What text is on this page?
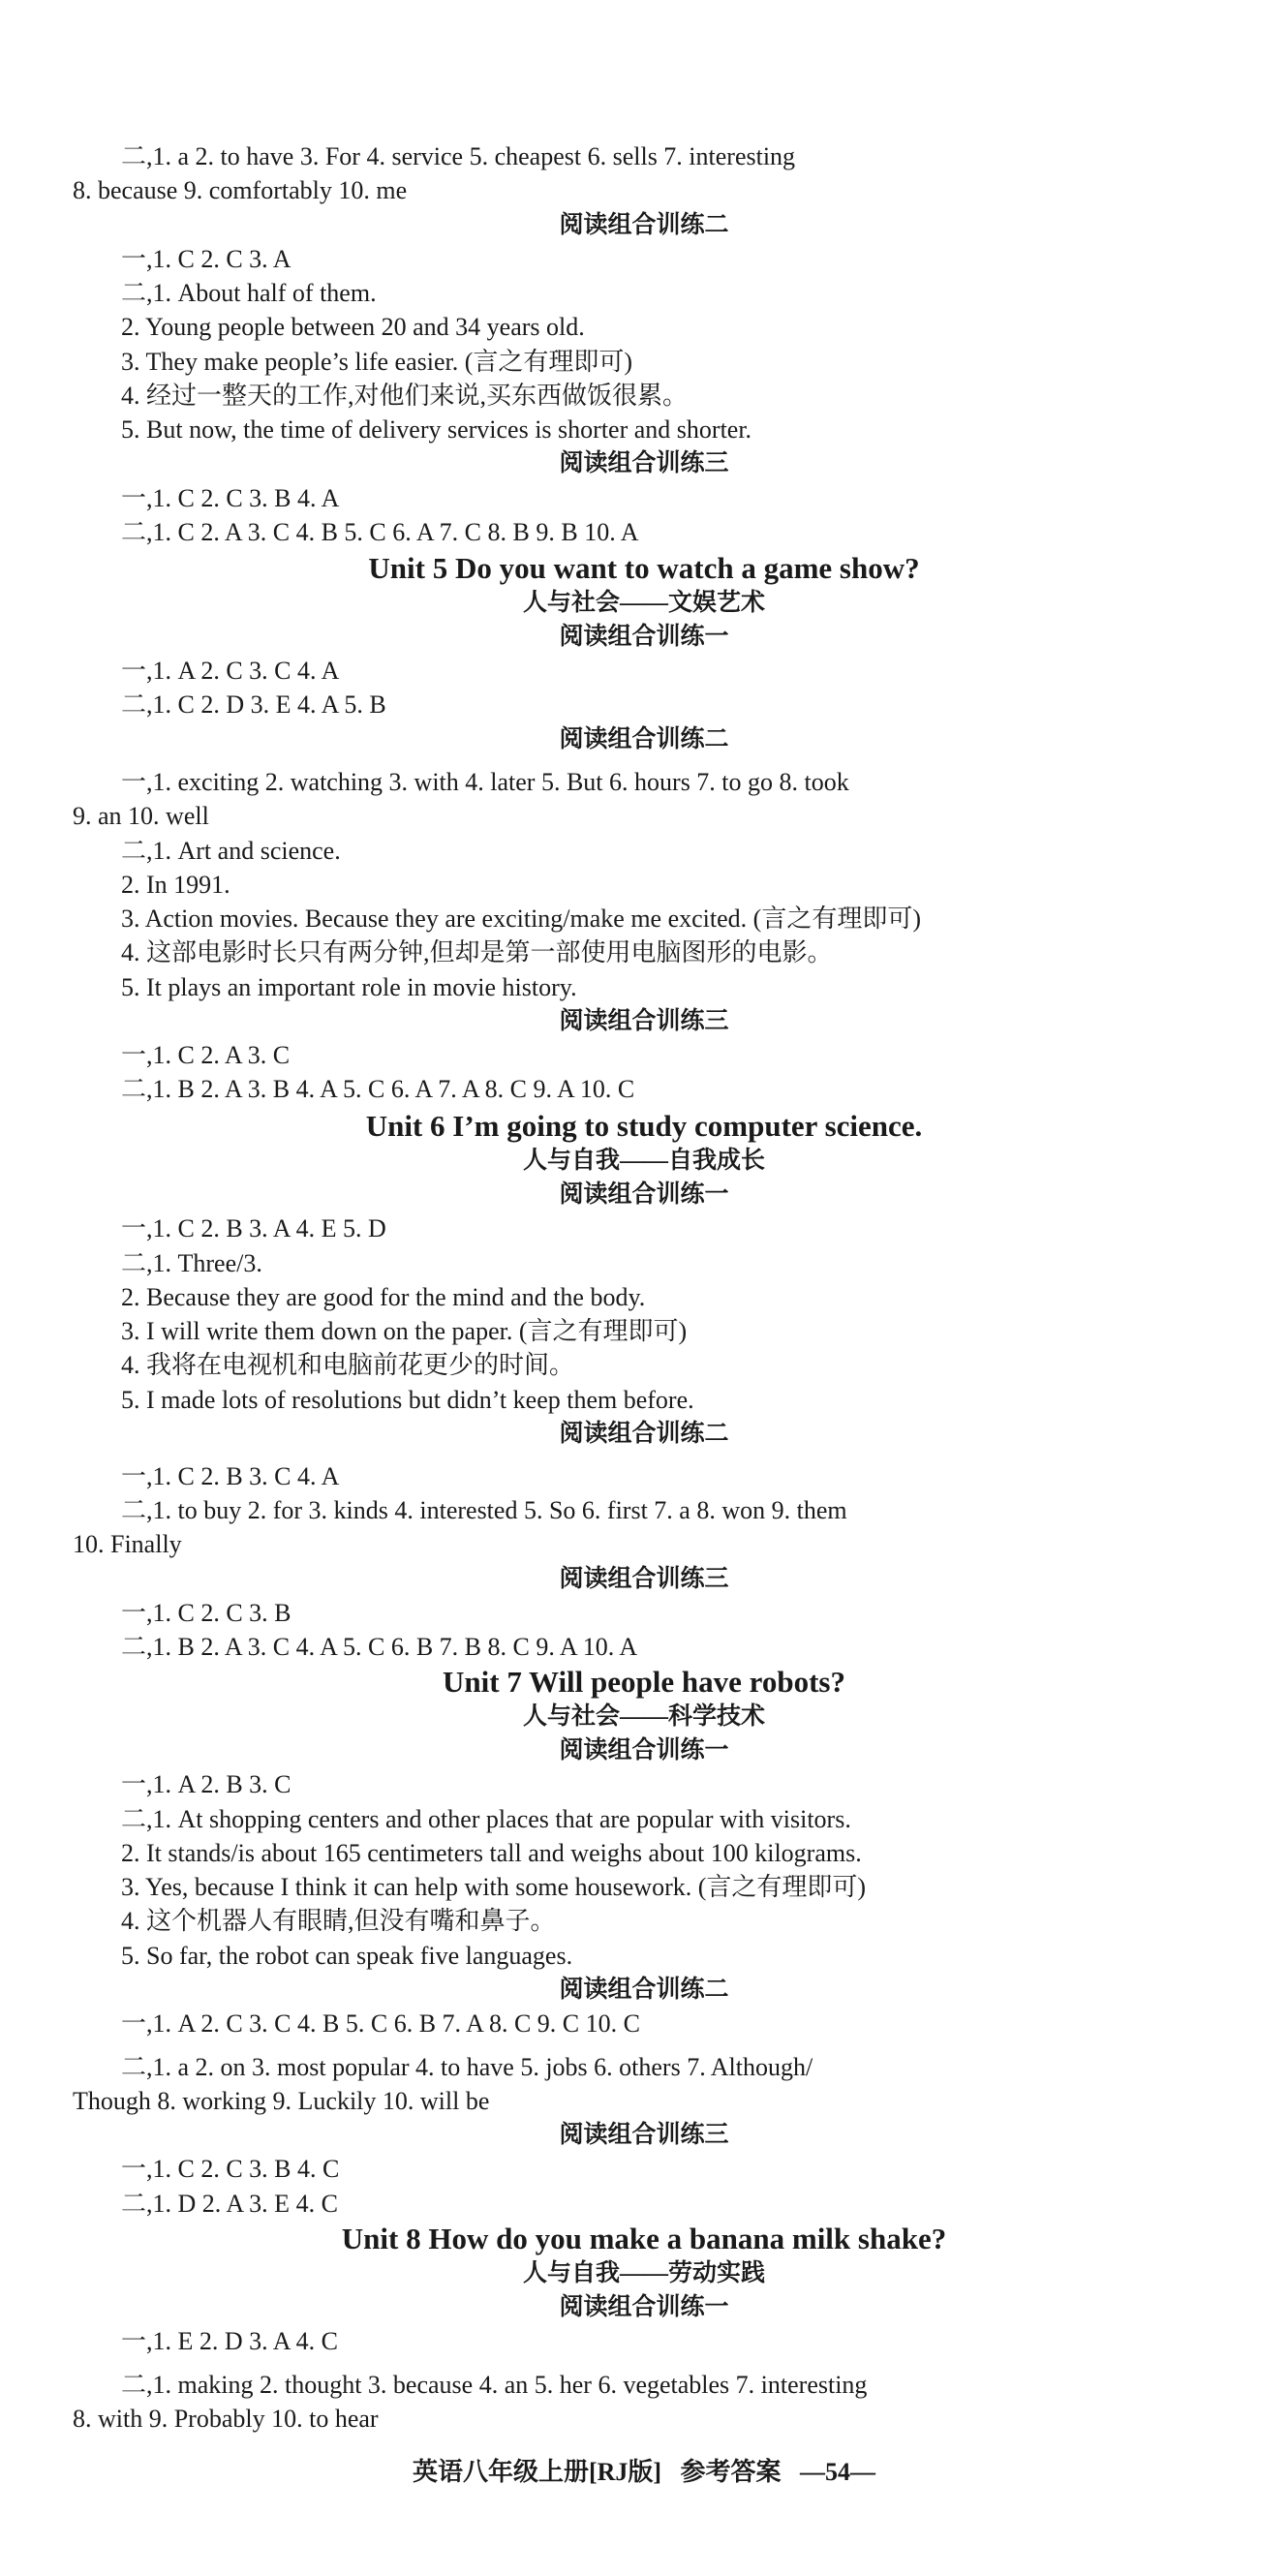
二,1. a 2. to have 3. For 4. service 5. cheapest 6. sells 7. interesting
8. because 9. comfortably 10. me
阅读组合训练二
一,1. C 2. C 3. A
二,1. About half of them.
2. Young people between 20 and 34 years old.
3. They make people’s life easier. (言之有理即可)
4. 经过一整天的工作,对他们来说,买东西做饭很累。
5. But now, the time of delivery services is shorter and shorter.
阅读组合训练三
一,1. C 2. C 3. B 4. A
二,1. C 2. A 3. C 4. B 5. C 6. A 7. C 8. B 9. B 10. A
Unit 5 Do you want to watch a game show?
人与社会——文娱艺术
阅读组合训练一
一,1. A 2. C 3. C 4. A
二,1. C 2. D 3. E 4. A 5. B
阅读组合训练二
一,1. exciting 2. watching 3. with 4. later 5. But 6. hours 7. to go 8. took
9. an 10. well
二,1. Art and science.
2. In 1991.
3. Action movies. Because they are exciting/make me excited. (言之有理即可)
4. 这部电影时长只有两分钟,但却是第一部使用电脑图形的电影。
5. It plays an important role in movie history.
阅读组合训练三
一,1. C 2. A 3. C
二,1. B 2. A 3. B 4. A 5. C 6. A 7. A 8. C 9. A 10. C
Unit 6 I’m going to study computer science.
人与自我——自我成长
阅读组合训练一
一,1. C 2. B 3. A 4. E 5. D
二,1. Three/3.
2. Because they are good for the mind and the body.
3. I will write them down on the paper. (言之有理即可)
4. 我将在电视机和电脑前花更少的时间。
5. I made lots of resolutions but didn’t keep them before.
阅读组合训练二
一,1. C 2. B 3. C 4. A
二,1. to buy 2. for 3. kinds 4. interested 5. So 6. first 7. a 8. won 9. them
10. Finally
阅读组合训练三
一,1. C 2. C 3. B
二,1. B 2. A 3. C 4. A 5. C 6. B 7. B 8. C 9. A 10. A
Unit 7 Will people have robots?
人与社会——科学技术
阅读组合训练一
一,1. A 2. B 3. C
二,1. At shopping centers and other places that are popular with visitors.
2. It stands/is about 165 centimeters tall and weighs about 100 kilograms.
3. Yes, because I think it can help with some housework. (言之有理即可)
4. 这个机器人有眼睛,但没有嘴和鼻子。
5. So far, the robot can speak five languages.
阅读组合训练二
一,1. A 2. C 3. C 4. B 5. C 6. B 7. A 8. C 9. C 10. C
二,1. a 2. on 3. most popular 4. to have 5. jobs 6. others 7. Although/
Though 8. working 9. Luckily 10. will be
阅读组合训练三
一,1. C 2. C 3. B 4. C
二,1. D 2. A 3. E 4. C
Unit 8 How do you make a banana milk shake?
人与自我——劳动实践
阅读组合训练一
一,1. E 2. D 3. A 4. C
二,1. making 2. thought 3. because 4. an 5. her 6. vegetables 7. interesting
8. with 9. Probably 10. to hear
英语八年级上册[RJ版]   参考答案   —54—
